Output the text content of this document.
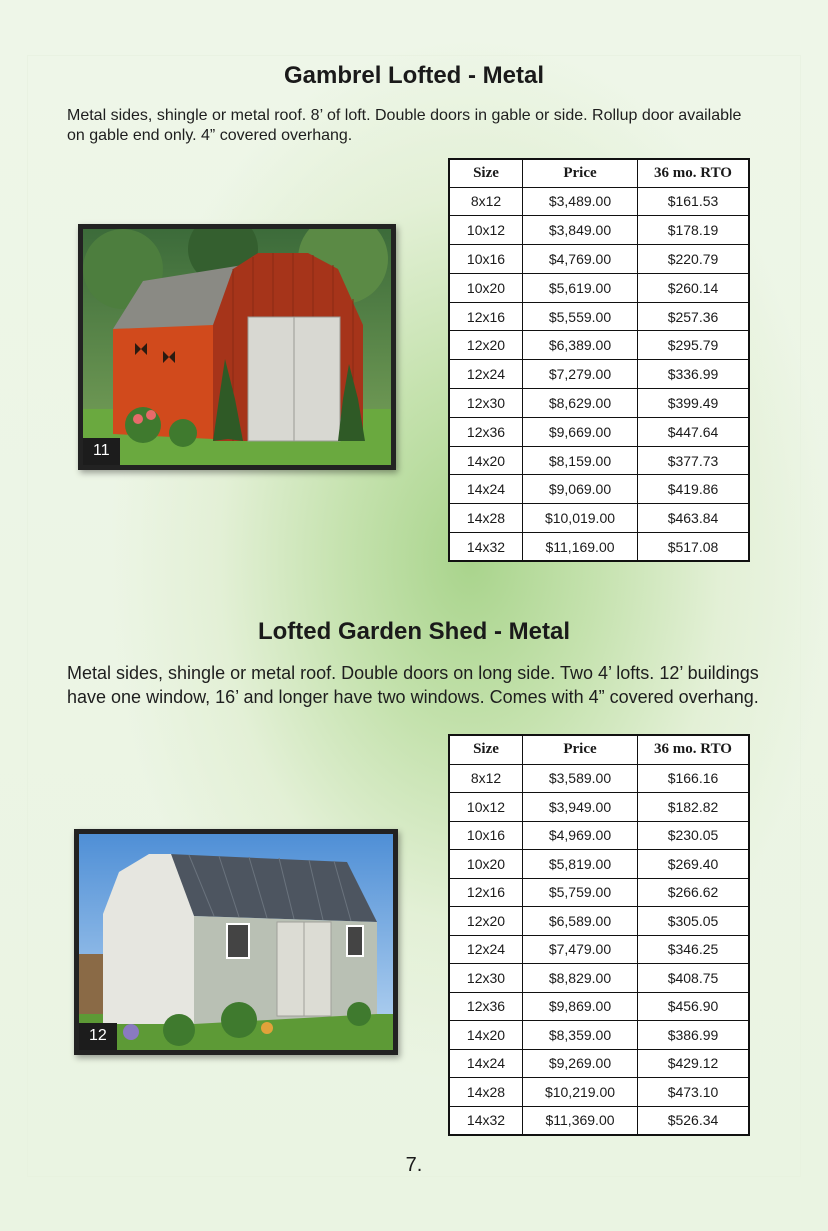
Gambrel Lofted - Metal

Metal sides, shingle or metal roof. 8’ of loft. Double doors in gable or side. Rollup door available on gable end only. 4” covered overhang.

11
Size	Price	36 mo. RTO
8x12	$3,489.00	$161.53
10x12	$3,849.00	$178.19
10x16	$4,769.00	$220.79
10x20	$5,619.00	$260.14
12x16	$5,559.00	$257.36
12x20	$6,389.00	$295.79
12x24	$7,279.00	$336.99
12x30	$8,629.00	$399.49
12x36	$9,669.00	$447.64
14x20	$8,159.00	$377.73
14x24	$9,069.00	$419.86
14x28	$10,019.00	$463.84
14x32	$11,169.00	$517.08
Lofted Garden Shed - Metal

Metal sides, shingle or metal roof. Double doors on long side. Two 4’ lofts. 12’ buildings have one window, 16’ and longer have two windows. Comes with 4” covered overhang.

12
Size	Price	36 mo. RTO
8x12	$3,589.00	$166.16
10x12	$3,949.00	$182.82
10x16	$4,969.00	$230.05
10x20	$5,819.00	$269.40
12x16	$5,759.00	$266.62
12x20	$6,589.00	$305.05
12x24	$7,479.00	$346.25
12x30	$8,829.00	$408.75
12x36	$9,869.00	$456.90
14x20	$8,359.00	$386.99
14x24	$9,269.00	$429.12
14x28	$10,219.00	$473.10
14x32	$11,369.00	$526.34
7.
